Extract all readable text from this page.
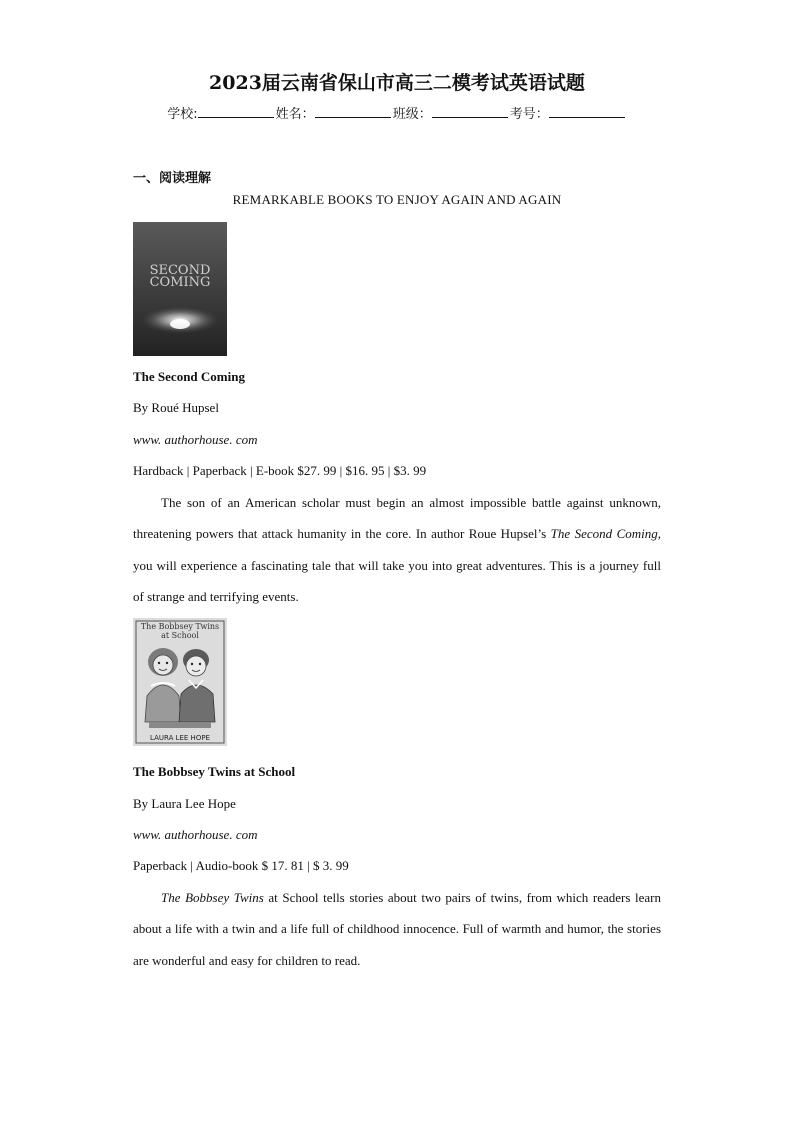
2023届云南省保山市高三二模考试英语试题
学校:	姓名：	班级：	考号：
一、阅读理解
REMARKABLE BOOKS TO ENJOY AGAIN AND AGAIN
SECOND
COMING
The Second Coming
By Roué Hupsel
www. authorhouse. com
Hardback | Paperback | E-book $27. 99 | $16. 95 | $3. 99
The son of an American scholar must begin an almost impossible battle against unknown, threatening powers that attack humanity in the core. In author Roue Hupsel’s The Second Coming, you will experience a fascinating tale that will take you into great adventures. This is a journey full of strange and terrifying events.
The Bobbsey Twins
at School
LAURA LEE HOPE
The Bobbsey Twins at School
By Laura Lee Hope
www. authorhouse. com
Paperback | Audio-book $ 17. 81 | $ 3. 99
The Bobbsey Twins at School tells stories about two pairs of twins, from which readers learn about a life with a twin and a life full of childhood innocence. Full of warmth and humor, the stories are wonderful and easy for children to read.
